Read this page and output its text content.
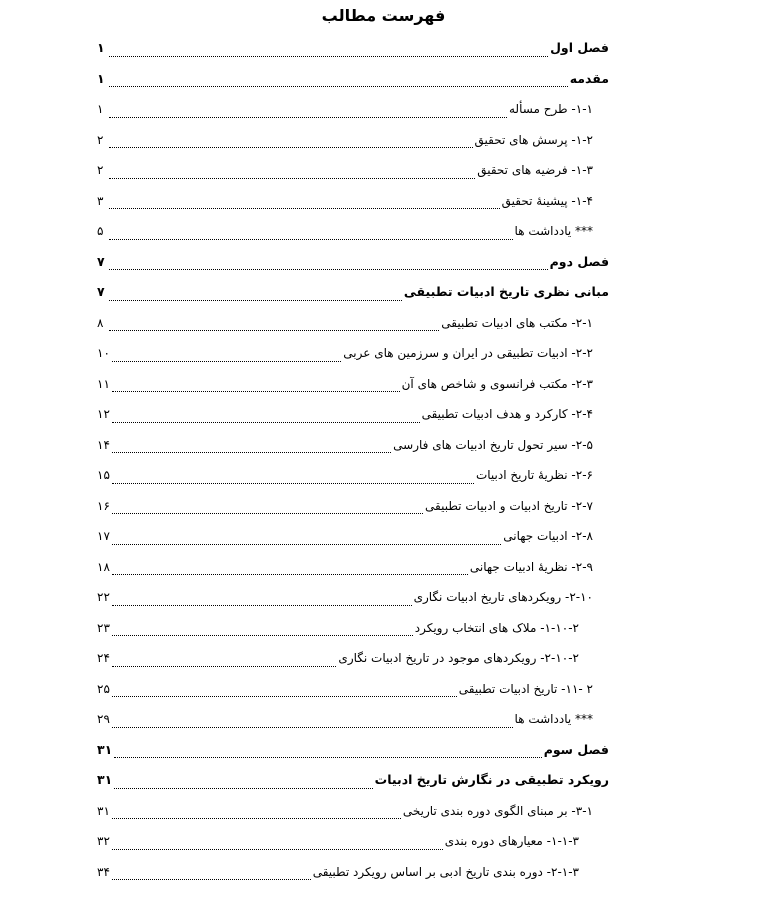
فهرست مطالب
فصل اول
۱
مقدمه
۱
۱-۱- طرح مسأله
۱
۱-۲- پرسش های تحقیق
۲
۱-۳- فرضیه های تحقیق
۲
۱-۴- پیشینهٔ تحقیق
۳
*** یادداشت ها
۵
فصل دوم
۷
مبانی نظری تاریخ ادبیات تطبیقی
۷
۲-۱- مکتب های ادبیات تطبیقی
۸
۲-۲- ادبیات تطبیقی در ایران و سرزمین های عربی
۱۰
۲-۳- مکتب فرانسوی و شاخص های آن
۱۱
۲-۴- کارکرد و هدف ادبیات تطبیقی
۱۲
۲-۵- سیر تحول تاریخ ادبیات های فارسی
۱۴
۲-۶- نظریهٔ تاریخ ادبیات
۱۵
۲-۷- تاریخ ادبیات و ادبیات تطبیقی
۱۶
۲-۸- ادبیات جهانی
۱۷
۲-۹- نظریهٔ ادبیات جهانی
۱۸
۲-۱۰- رویکردهای تاریخ ادبیات نگاری
۲۲
۱-۱۰-۲- ملاک های انتخاب رویکرد
۲۳
۲-۱۰-۲- رویکردهای موجود در تاریخ ادبیات نگاری
۲۴
۲ -۱۱- تاریخ ادبیات تطبیقی
۲۵
*** یادداشت ها
۲۹
فصل سوم
۳۱
رویکرد تطبیقی در نگارش تاریخ ادبیات
۳۱
۳-۱- بر مبنای الگوی دوره بندی تاریخی
۳۱
۱-۱-۳- معیارهای دوره بندی
۳۲
۲-۱-۳- دوره بندی تاریخ ادبی بر اساس رویکرد تطبیقی
۳۴
